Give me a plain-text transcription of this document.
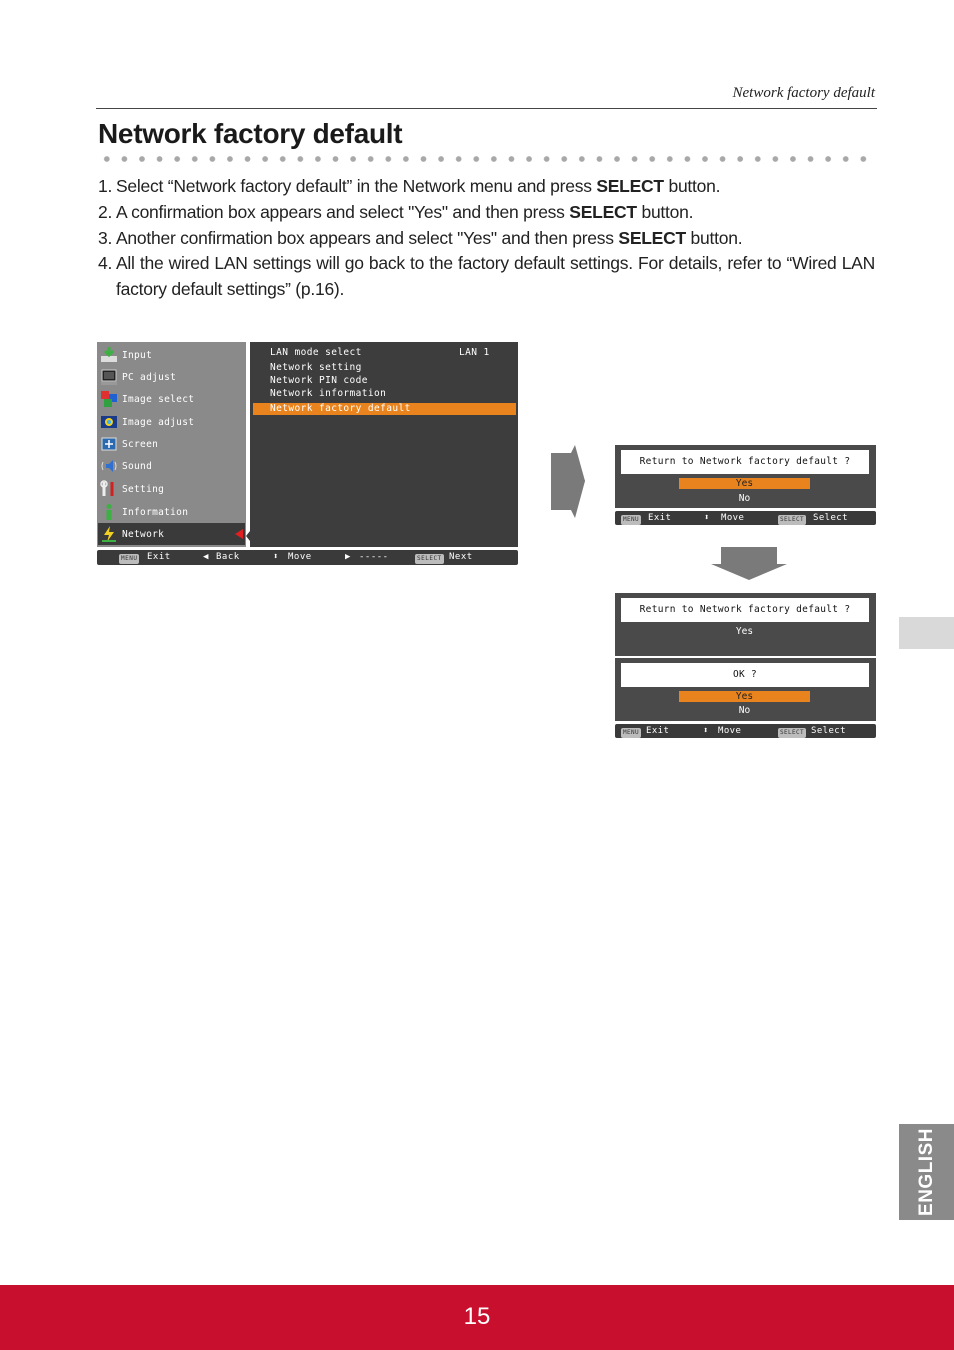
Network factory default
Network factory default
1. Select “Network factory default” in the Network menu and press SELECT button.
2. A confirmation box appears and select "Yes" and then press SELECT button.
3. Another confirmation box appears and select "Yes" and then press SELECT button.
4. All the wired LAN settings will go back to the factory default settings. For details, refer to “Wired LAN factory default settings” (p.16).
Input
PC adjust
Image select
Image adjust
Screen
Sound
Setting
Information
Network
LAN mode select	LAN 1
Network setting
Network PIN code
Network information
Network factory default
MENU Exit	◀ Back	⬍ Move	▶ -----	SELECT Next
Return to Network factory default ?
Yes
No
MENU Exit	⬍ Move	SELECT Select
Return to Network factory default ?
Yes
OK ?
Yes
No
MENU Exit	⬍ Move	SELECT Select
ENGLISH
15
